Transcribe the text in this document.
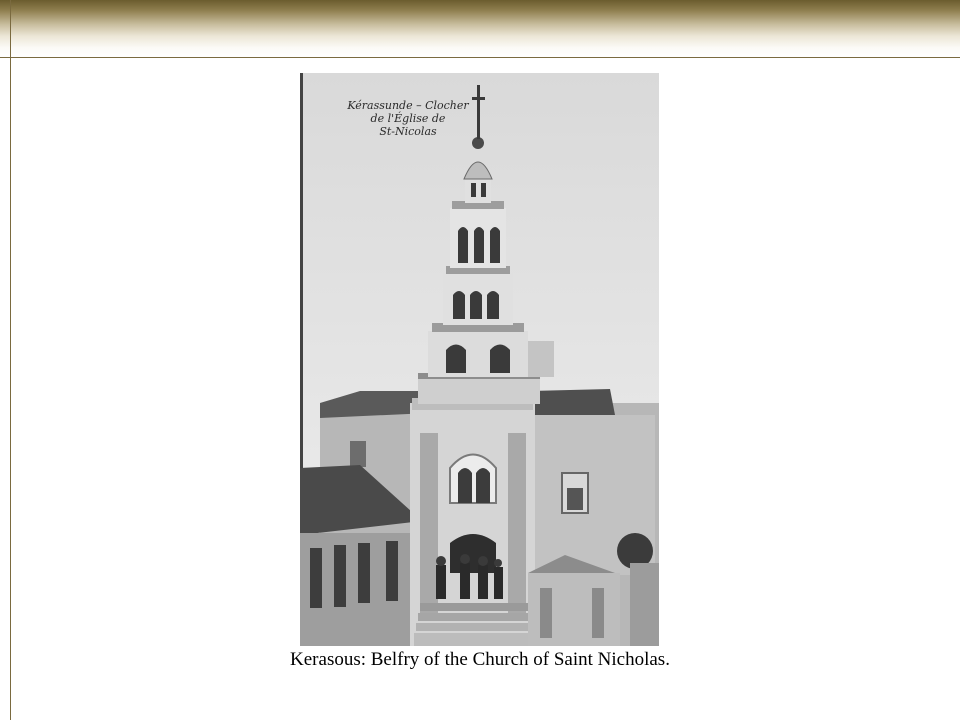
Kérassunde – Clocher
de l'Église de
St-Nicolas
Kerasous: Belfry of the Church of Saint Nicholas.
